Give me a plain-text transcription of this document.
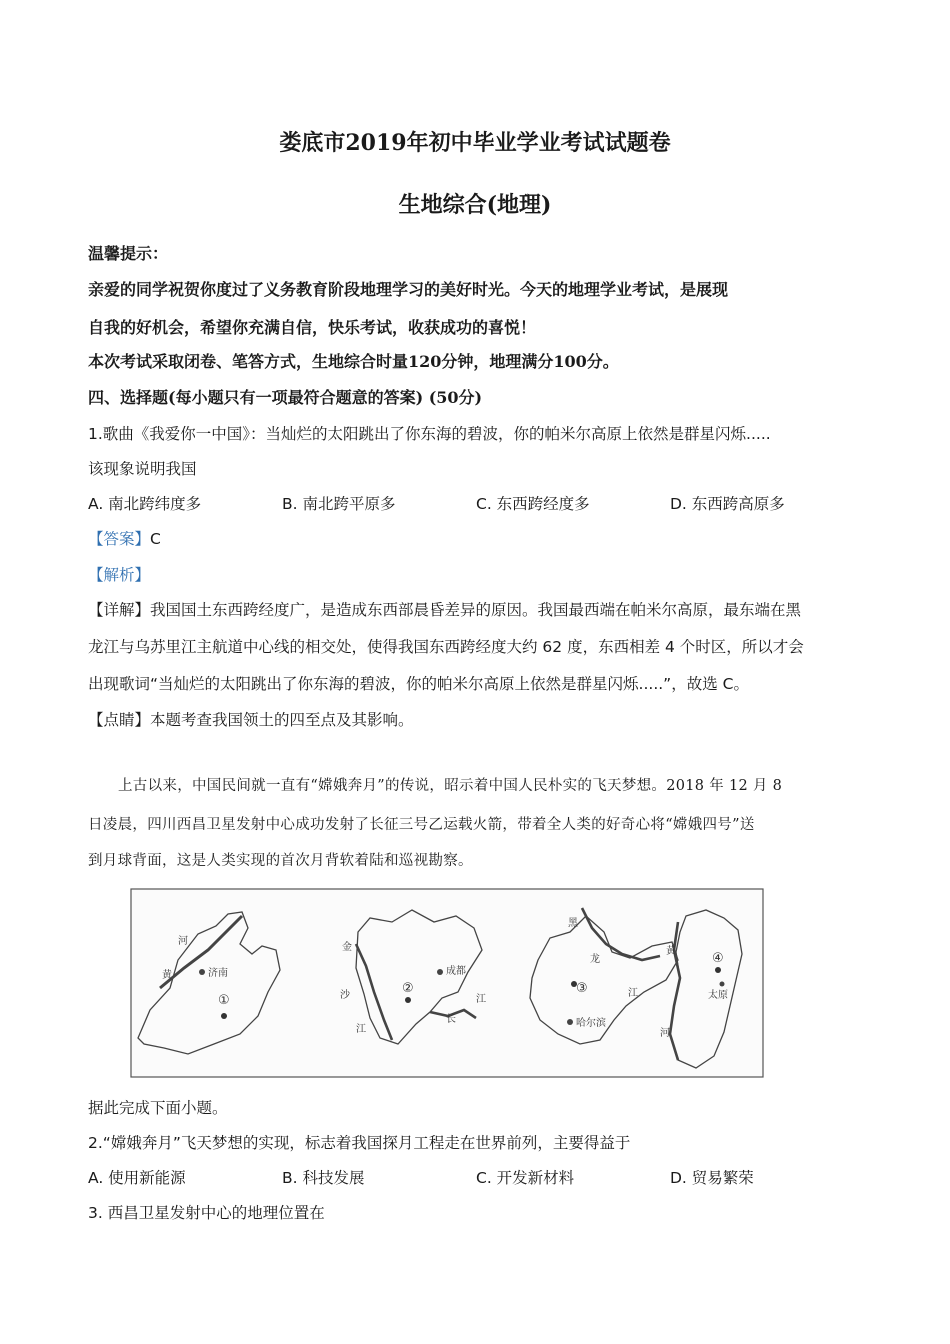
娄底市2019年初中毕业学业考试试题卷
生地综合(地理)
温馨提示：
亲爱的同学祝贺你度过了义务教育阶段地理学习的美好时光。今天的地理学业考试，是展现
自我的好机会，希望你充满自信，快乐考试，收获成功的喜悦！
本次考试采取闭卷、笔答方式，生地综合时量120分钟，地理满分100分。
四、选择题(每小题只有一项最符合题意的答案) (50分)
1.歌曲《我爱你一中国》：当灿烂的太阳跳出了你东海的碧波，你的帕米尔高原上依然是群星闪烁.....
该现象说明我国
A. 南北跨纬度多	B. 南北跨平原多	C. 东西跨经度多	D. 东西跨高原多
【答案】C
【解析】
【详解】我国国土东西跨经度广，是造成东西部晨昏差异的原因。我国最西端在帕米尔高原，最东端在黑
龙江与乌苏里江主航道中心线的相交处，使得我国东西跨经度大约 62 度，东西相差 4 个时区，所以才会
出现歌词“当灿烂的太阳跳出了你东海的碧波，你的帕米尔高原上依然是群星闪烁.....”，故选 C。
【点睛】本题考查我国领土的四至点及其影响。
上古以来，中国民间就一直有“嫦娥奔月”的传说，昭示着中国人民朴实的飞天梦想。2018 年 12 月 8
日凌晨，四川西昌卫星发射中心成功发射了长征三号乙运载火箭，带着全人类的好奇心将“嫦娥四号”送
到月球背面，这是人类实现的首次月背软着陆和巡视勘察。
河
黄	济南
①
金
沙
江
成都
②
江
长
黑
龙
江
③
哈尔滨
黄
河
④
太原
据此完成下面小题。
2.“嫦娥奔月”飞天梦想的实现，标志着我国探月工程走在世界前列，主要得益于
A. 使用新能源	B. 科技发展	C. 开发新材料	D. 贸易繁荣
3. 西昌卫星发射中心的地理位置在
